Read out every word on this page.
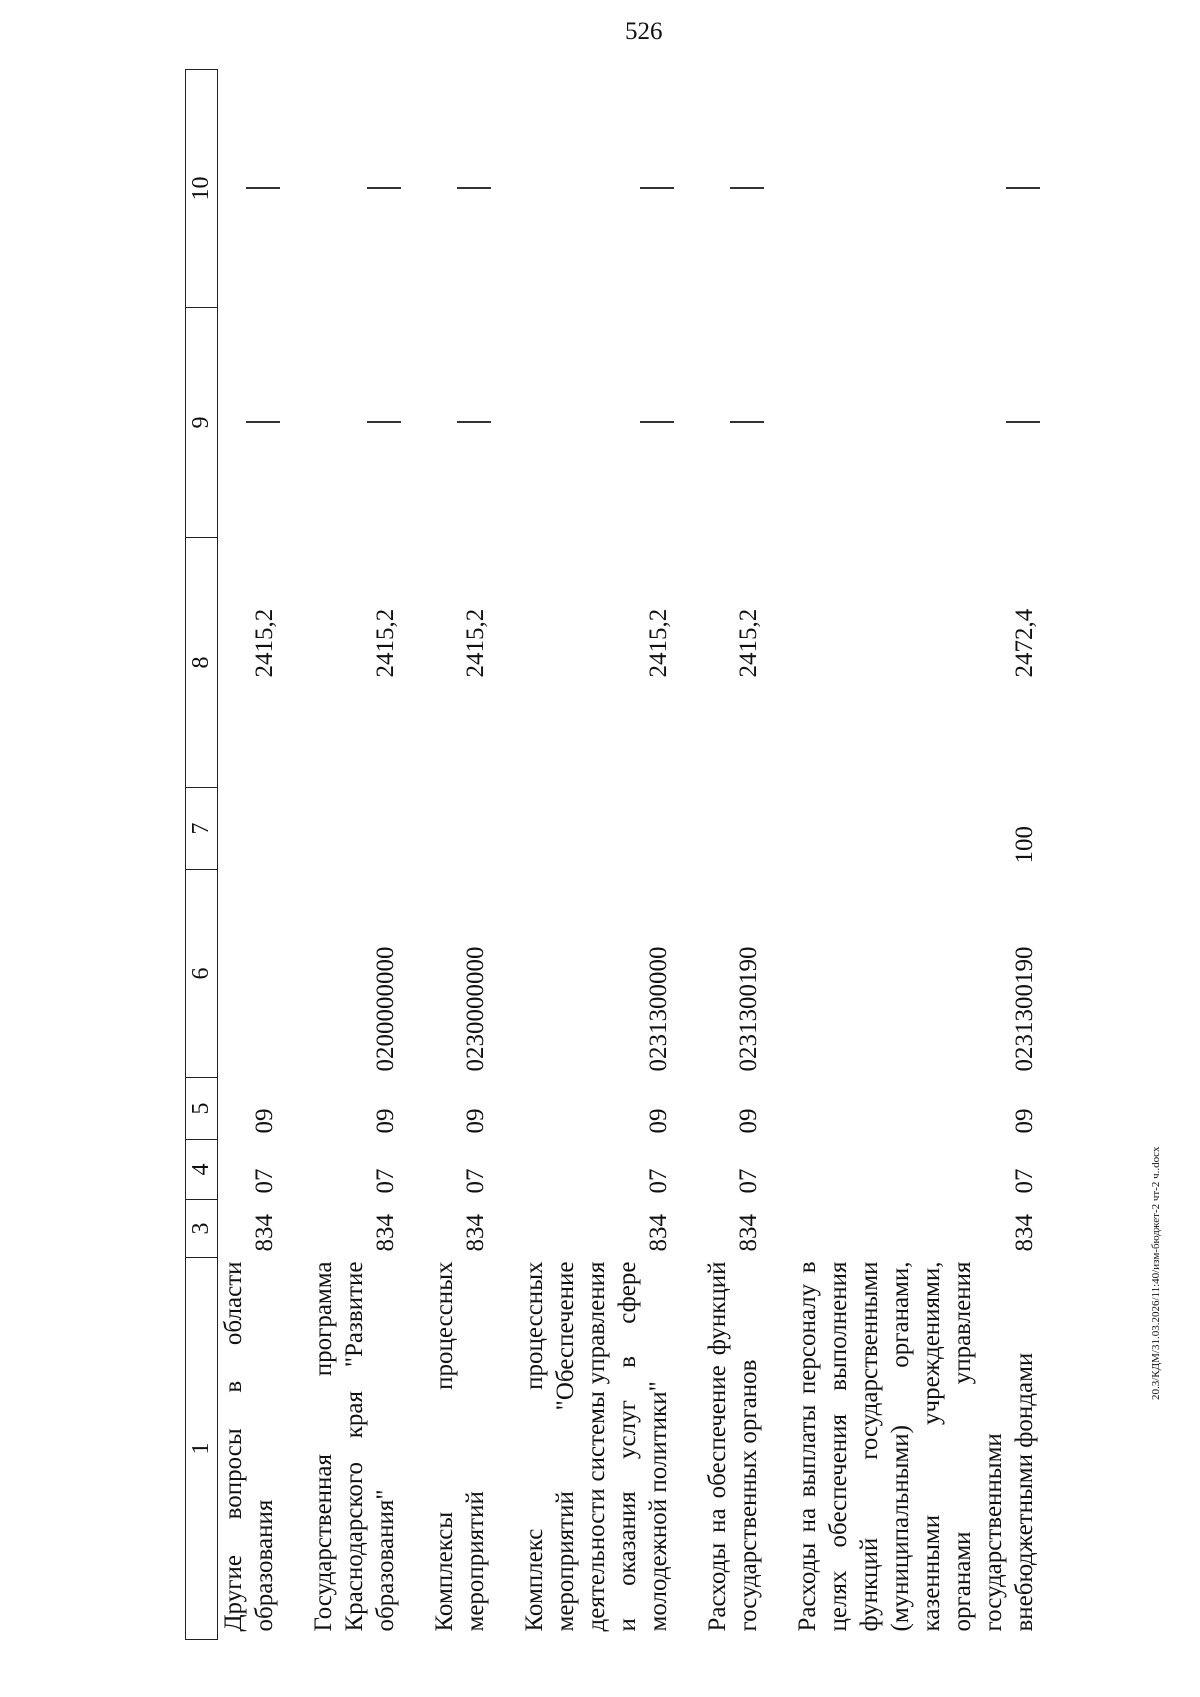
526
20.3/КДМ/31.03.2026/11:40/изм-бюджет-2 чт-2 ч..docx
1	3	4	5	6	7	8	9	10
Другие вопросы в области образования	834	07	09			2415,2		

Государственная программа Краснодарского края "Развитие образования"	834	07	09	0200000000		2415,2		

Комплексы процессных мероприятий	834	07	09	0230000000		2415,2		

Комплекс процессных мероприятий "Обеспечение деятельности системы управления и оказания услуг в сфере молодежной политики"	834	07	09	0231300000		2415,2		

Расходы на обеспечение функций государственных органов	834	07	09	0231300190		2415,2		

Расходы на выплаты персоналу в целях обеспечения выполнения функций государственными (муниципальными) органами, казенными учреждениями, органами управления государственными внебюджетными фондами	834	07	09	0231300190	100	2472,4		
